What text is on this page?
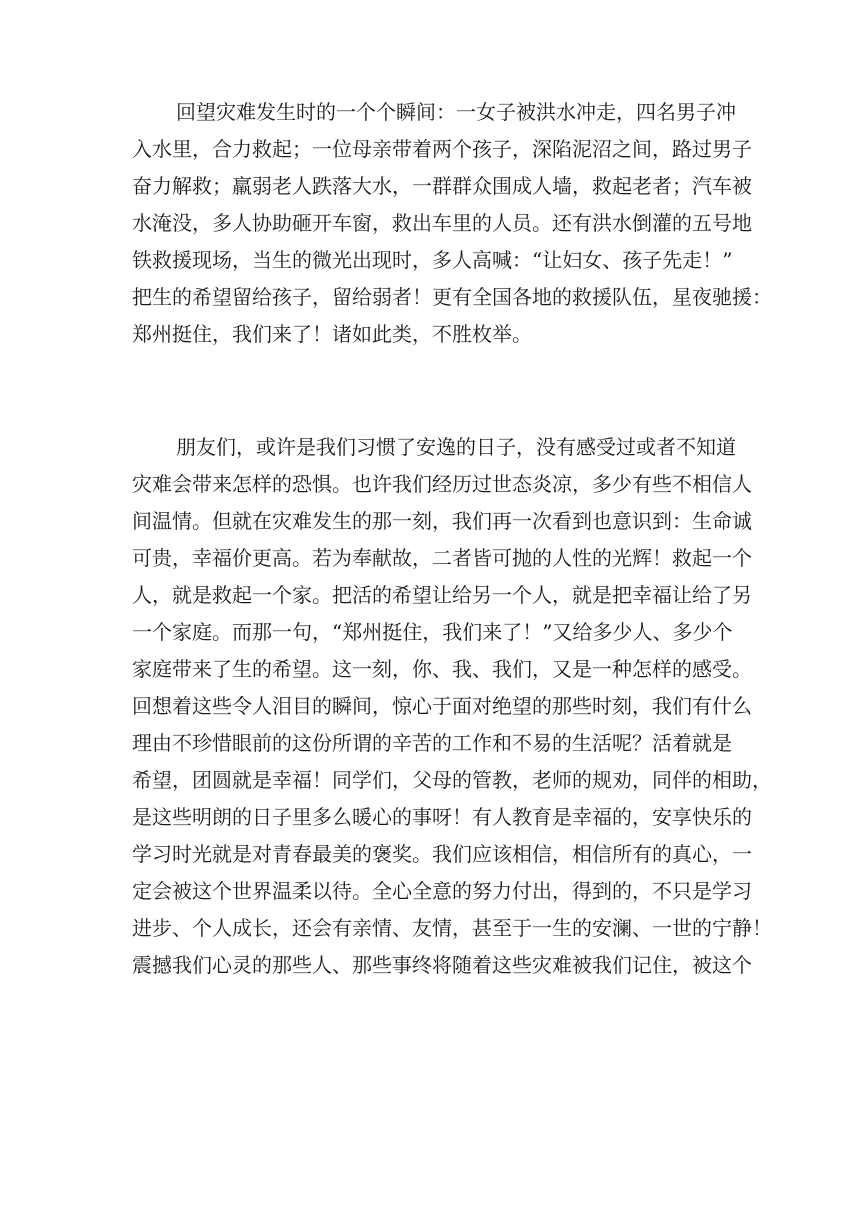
回望灾难发生时的一个个瞬间：一女子被洪水冲走，四名男子冲
入水里，合力救起；一位母亲带着两个孩子，深陷泥沼之间，路过男子
奋力解救；羸弱老人跌落大水，一群群众围成人墙，救起老者；汽车被
水淹没，多人协助砸开车窗，救出车里的人员。还有洪水倒灌的五号地
铁救援现场，当生的微光出现时，多人高喊：“让妇女、孩子先走！”
把生的希望留给孩子，留给弱者！更有全国各地的救援队伍，星夜驰援：
郑州挺住，我们来了！诸如此类，不胜枚举。
朋友们，或许是我们习惯了安逸的日子，没有感受过或者不知道
灾难会带来怎样的恐惧。也许我们经历过世态炎凉，多少有些不相信人
间温情。但就在灾难发生的那一刻，我们再一次看到也意识到：生命诚
可贵，幸福价更高。若为奉献故，二者皆可抛的人性的光辉！救起一个
人，就是救起一个家。把活的希望让给另一个人，就是把幸福让给了另
一个家庭。而那一句，“郑州挺住，我们来了！”又给多少人、多少个
家庭带来了生的希望。这一刻，你、我、我们，又是一种怎样的感受。
回想着这些令人泪目的瞬间，惊心于面对绝望的那些时刻，我们有什么
理由不珍惜眼前的这份所谓的辛苦的工作和不易的生活呢？活着就是
希望，团圆就是幸福！同学们，父母的管教，老师的规劝，同伴的相助，
是这些明朗的日子里多么暖心的事呀！有人教育是幸福的，安享快乐的
学习时光就是对青春最美的褒奖。我们应该相信，相信所有的真心，一
定会被这个世界温柔以待。全心全意的努力付出，得到的，不只是学习
进步、个人成长，还会有亲情、友情，甚至于一生的安澜、一世的宁静！
震撼我们心灵的那些人、那些事终将随着这些灾难被我们记住，被这个
